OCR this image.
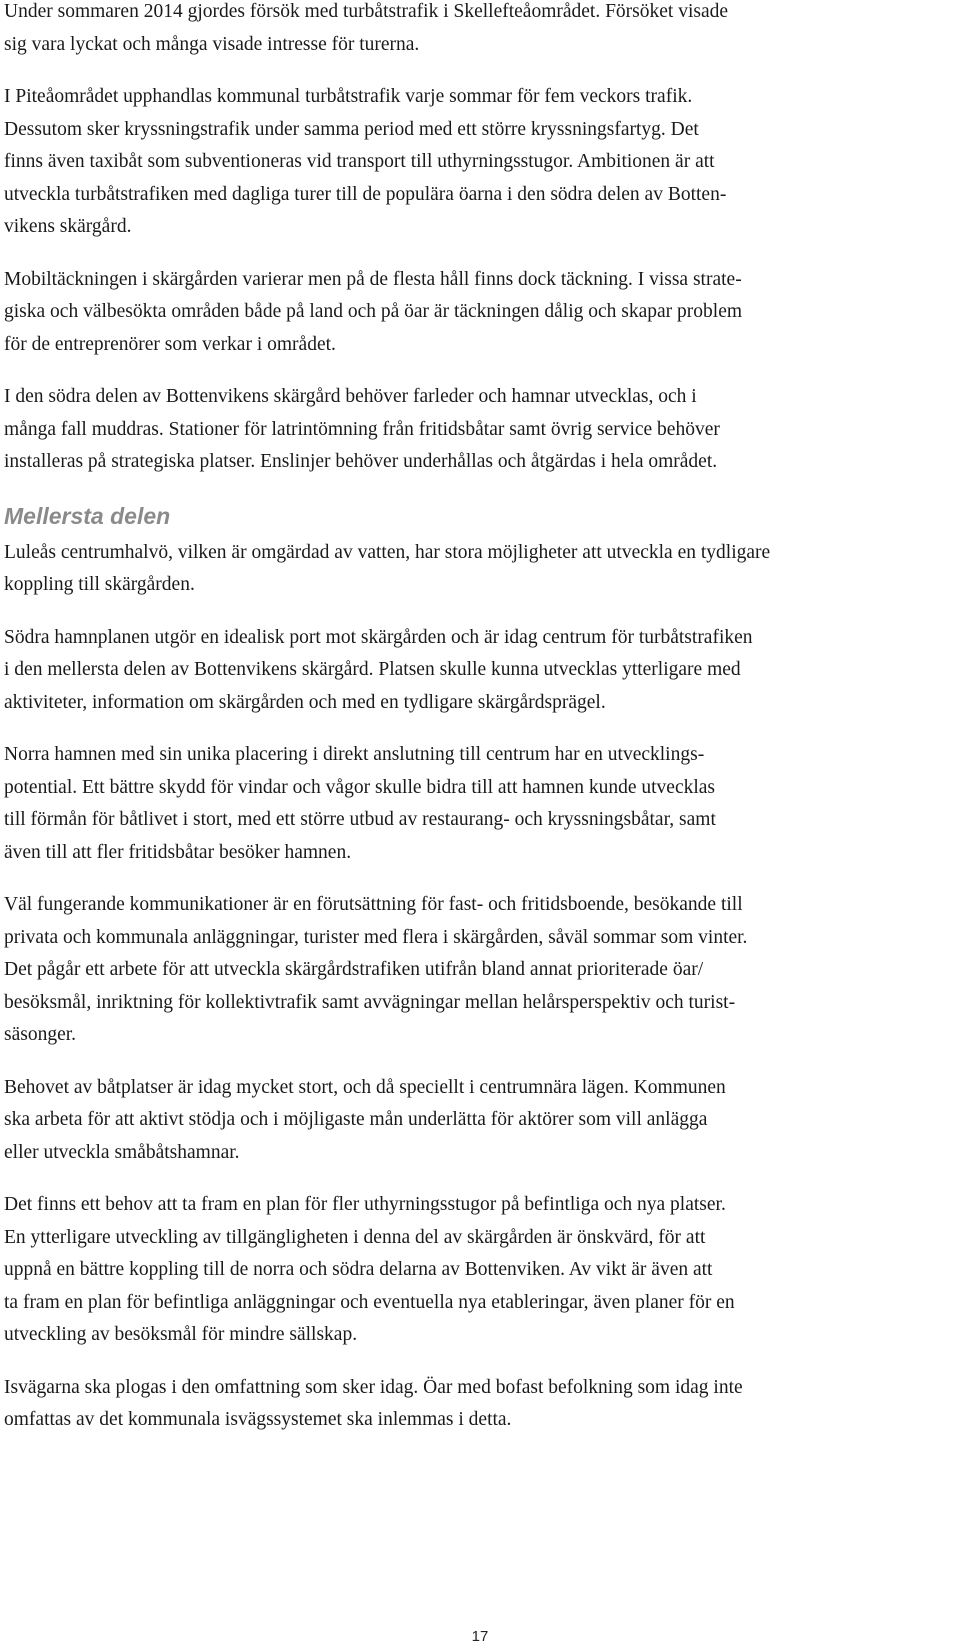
Under sommaren 2014 gjordes försök med turbåtstrafik i Skellefteåområdet. Försöket visade
sig vara lyckat och många visade intresse för turerna.

I Piteåområdet upphandlas kommunal turbåtstrafik varje sommar för fem veckors trafik.
Dessutom sker kryssningstrafik under samma period med ett större kryssningsfartyg. Det
finns även taxibåt som subventioneras vid transport till uthyrningsstugor. Ambitionen är att
utveckla turbåtstrafiken med dagliga turer till de populära öarna i den södra delen av Botten-
vikens skärgård.

Mobiltäckningen i skärgården varierar men på de flesta håll finns dock täckning. I vissa strate-
giska och välbesökta områden både på land och på öar är täckningen dålig och skapar problem
för de entreprenörer som verkar i området.

I den södra delen av Bottenvikens skärgård behöver farleder och hamnar utvecklas, och i
många fall muddras. Stationer för latrintömning från fritidsbåtar samt övrig service behöver
installeras på strategiska platser. Enslinjer behöver underhållas och åtgärdas i hela området.

Mellersta delen

Luleås centrumhalvö, vilken är omgärdad av vatten, har stora möjligheter att utveckla en tydligare
koppling till skärgården.

Södra hamnplanen utgör en idealisk port mot skärgården och är idag centrum för turbåtstrafiken
i den mellersta delen av Bottenvikens skärgård. Platsen skulle kunna utvecklas ytterligare med
aktiviteter, information om skärgården och med en tydligare skärgårdsprägel.

Norra hamnen med sin unika placering i direkt anslutning till centrum har en utvecklings-
potential. Ett bättre skydd för vindar och vågor skulle bidra till att hamnen kunde utvecklas
till förmån för båtlivet i stort, med ett större utbud av restaurang- och kryssningsbåtar, samt
även till att fler fritidsbåtar besöker hamnen.

Väl fungerande kommunikationer är en förutsättning för fast- och fritidsboende, besökande till
privata och kommunala anläggningar, turister med flera i skärgården, såväl sommar som vinter.
Det pågår ett arbete för att utveckla skärgårdstrafiken utifrån bland annat prioriterade öar/
besöksmål, inriktning för kollektivtrafik samt avvägningar mellan helårsperspektiv och turist-
säsonger.

Behovet av båtplatser är idag mycket stort, och då speciellt i centrumnära lägen. Kommunen
ska arbeta för att aktivt stödja och i möjligaste mån underlätta för aktörer som vill anlägga
eller utveckla småbåtshamnar.

Det finns ett behov att ta fram en plan för fler uthyrningsstugor på befintliga och nya platser.
En ytterligare utveckling av tillgängligheten i denna del av skärgården är önskvärd, för att
uppnå en bättre koppling till de norra och södra delarna av Bottenviken. Av vikt är även att
ta fram en plan för befintliga anläggningar och eventuella nya etableringar, även planer för en
utveckling av besöksmål för mindre sällskap.

Isvägarna ska plogas i den omfattning som sker idag. Öar med bofast befolkning som idag inte
omfattas av det kommunala isvägssystemet ska inlemmas i detta.

17
